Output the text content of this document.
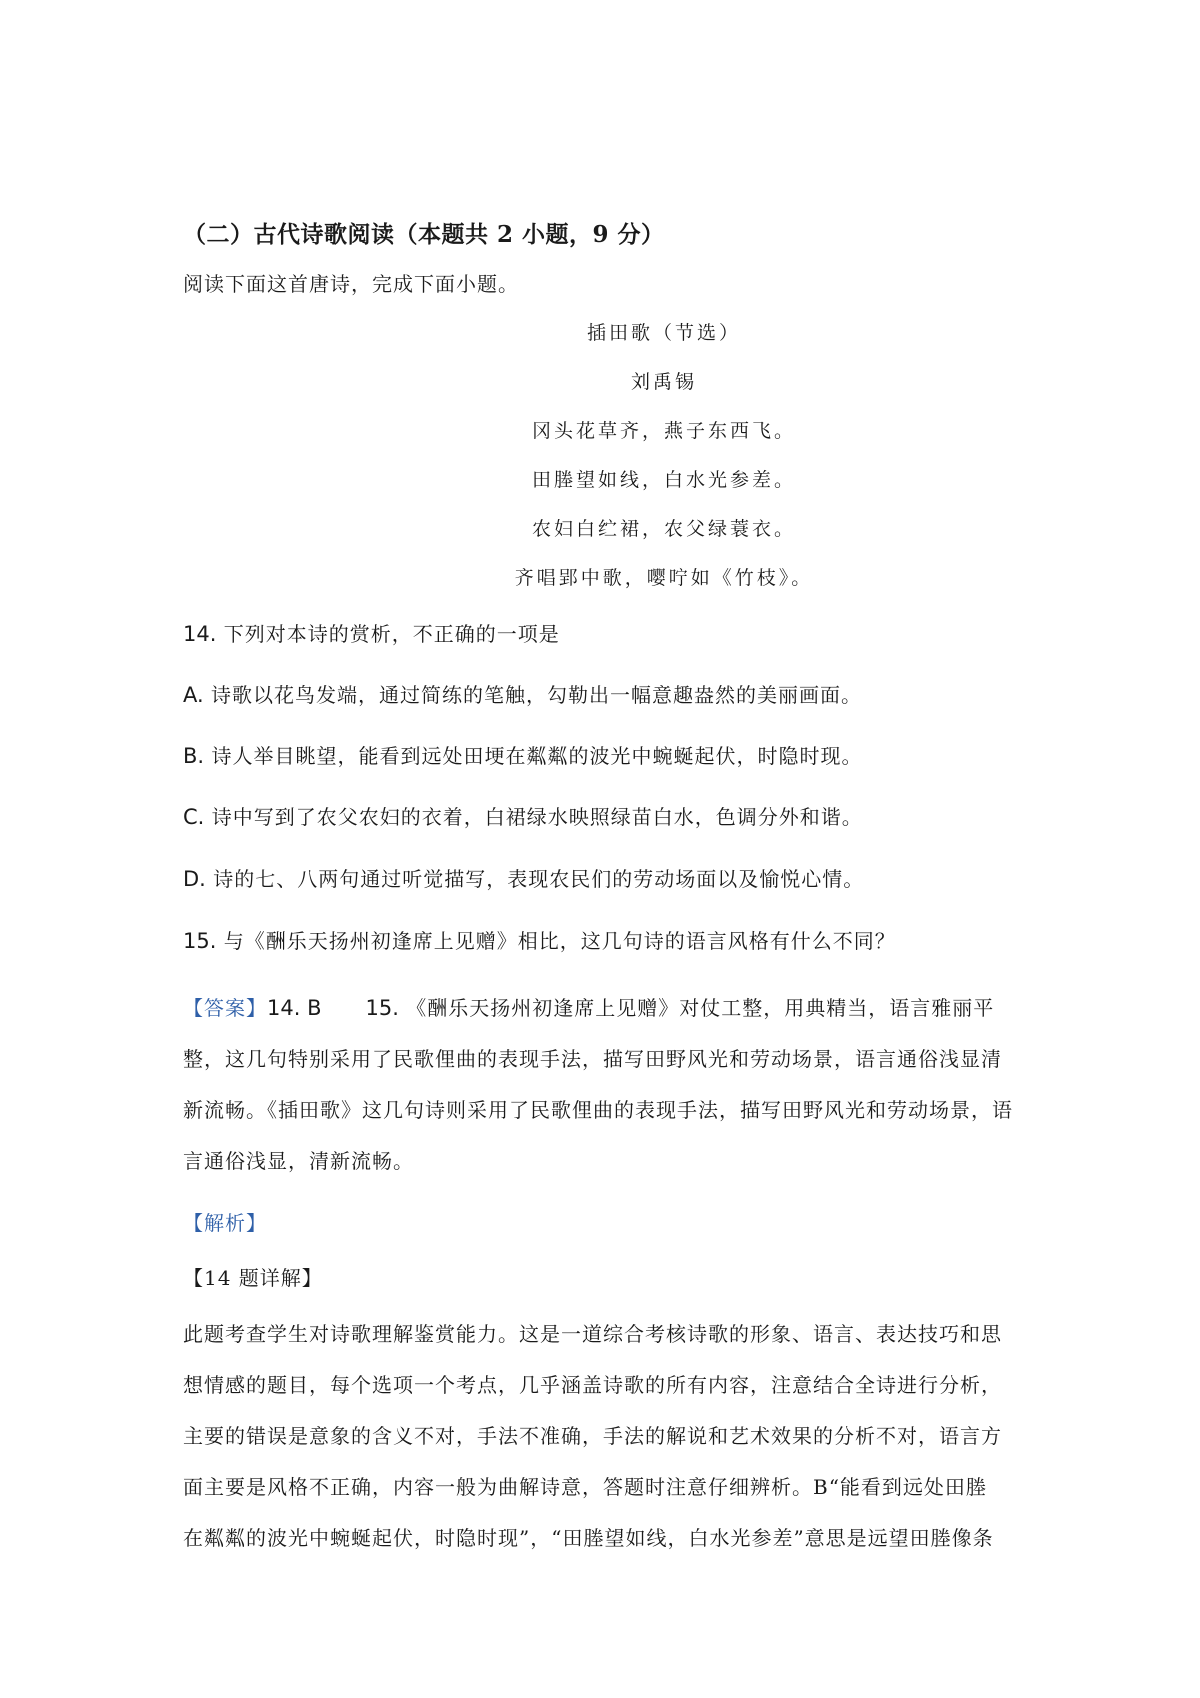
（二）古代诗歌阅读（本题共 2 小题，9 分）
阅读下面这首唐诗，完成下面小题。
插田歌（节选）
刘禹锡
冈头花草齐，燕子东西飞。
田塍望如线，白水光参差。
农妇白纻裙，农父绿蓑衣。
齐唱郢中歌，嘤咛如《竹枝》。
14. 下列对本诗的赏析，不正确的一项是
A. 诗歌以花鸟发端，通过简练的笔触，勾勒出一幅意趣盎然的美丽画面。
B. 诗人举目眺望，能看到远处田埂在粼粼的波光中蜿蜒起伏，时隐时现。
C. 诗中写到了农父农妇的衣着，白裙绿水映照绿苗白水，色调分外和谐。
D. 诗的七、八两句通过听觉描写，表现农民们的劳动场面以及愉悦心情。
15. 与《酬乐天扬州初逢席上见赠》相比，这几句诗的语言风格有什么不同？
【答案】14. B 15. 《酬乐天扬州初逢席上见赠》对仗工整，用典精当，语言雅丽平
整，这几句特别采用了民歌俚曲的表现手法，描写田野风光和劳动场景，语言通俗浅显清
新流畅。《插田歌》这几句诗则采用了民歌俚曲的表现手法，描写田野风光和劳动场景，语
言通俗浅显，清新流畅。
【解析】
【14 题详解】
此题考查学生对诗歌理解鉴赏能力。这是一道综合考核诗歌的形象、语言、表达技巧和思
想情感的题目，每个选项一个考点，几乎涵盖诗歌的所有内容，注意结合全诗进行分析，
主要的错误是意象的含义不对，手法不准确，手法的解说和艺术效果的分析不对，语言方
面主要是风格不正确，内容一般为曲解诗意，答题时注意仔细辨析。B“能看到远处田塍
在粼粼的波光中蜿蜒起伏，时隐时现”，“田塍望如线，白水光参差”意思是远望田塍像条
